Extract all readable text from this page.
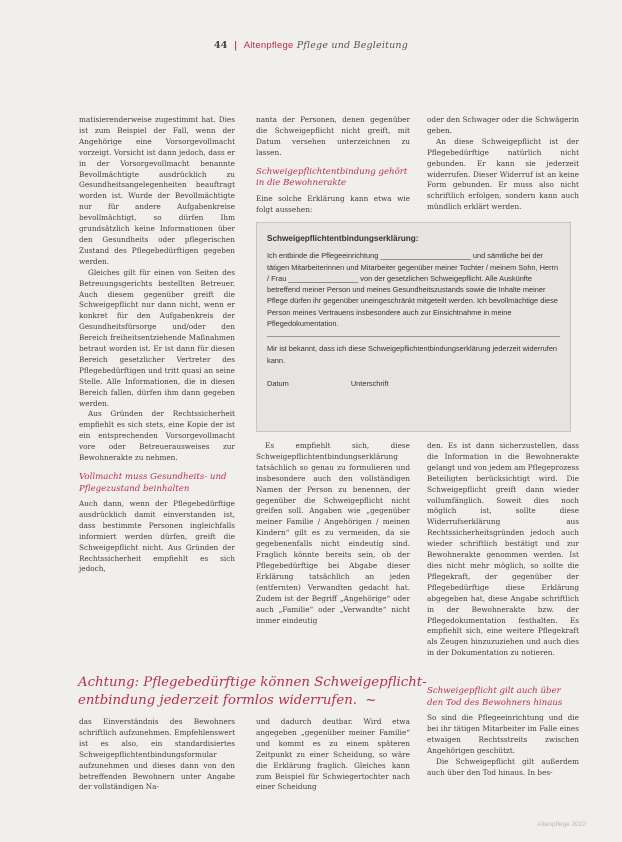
44 | Altenpflege Pflege und Begleitung

matisierenderweise zugestimmt hat. Dies ist zum Beispiel der Fall, wenn der Angehörige eine Vorsorgevollmacht vorzeigt. Vorsicht ist dann jedoch, dass er in der Vorsorgevollmacht benannte Bevollmächtigte ausdrücklich zu Gesundheitsangelegenheiten beauftragt worden ist. Wurde der Bevollmächtigte nur für andere Aufgabenkreise bevollmächtigt, so dürfen Ihm grundsätzlich keine Informationen über den Gesundheits oder pflegerischen Zustand des Pflegebedürftigen gegeben werden.

Gleiches gilt für einen von Seiten des Betreuungsgerichts bestellten Betreuer. Auch diesem gegenüber greift die Schweigepflicht nur dann nicht, wenn er konkret für den Aufgabenkreis der Gesundheitsfürsorge und/oder den Bereich freiheitsentziehende Maßnahmen betraut worden ist. Er ist dann für diesen Bereich gesetzlicher Vertreter des Pflegebedürftigen und tritt quasi an seine Stelle. Alle Informationen, die in diesen Bereich fallen, dürfen ihm dann gegeben werden.

Aus Gründen der Rechtssicherheit empfiehlt es sich stets, eine Kopie der ist ein entsprechenden Vorsorgevollmacht vore oder Betreuerausweises zur Bewohnerakte zu nehmen.

Vollmacht muss Gesundheits- und Pflegezustand beinhalten

Auch dann, wenn der Pflegebedürftige ausdrücklich damit einverstanden ist, dass bestimmte Personen ingleichfalls informiert werden dürfen, greift die Schweigepflicht nicht. Aus Gründen der Rechtssicherheit empfiehlt es sich jedoch,

nanta der Personen, denen gegenüber die Schweigepflicht nicht greift, mit Datum versehen unterzeichnen zu lassen.

Schweigepflichtentbindung gehört in die Bewohnerakte

Eine solche Erklärung kann etwa wie folgt aussehen:

oder den Schwager oder die Schwägerin geben.

An diese Schweigepflicht ist der Pflegebedürftige natürlich nicht gebunden. Er kann sie jederzeit widerrufen. Dieser Widerruf ist an keine Form gebunden. Er muss also nicht schriftlich erfolgen, sondern kann auch mündlich erklärt werden.

Schweigepflichtentbindungserklärung:
Ich entbinde die Pflegeeinrichtung ______________________ und sämtliche bei der tätigen Mitarbeiterinnen und Mitarbeiter gegenüber meiner Tochter / meinem Sohn, Herrn / Frau _________________ von der gesetzlichen Schweigepflicht. Alle Auskünfte betreffend meiner Person und meines Gesundheitszustands sowie die Inhalte meiner Pflege dürfen ihr gegenüber uneingeschränkt mitgeteilt werden. Ich bevollmächtige diese Person meines Vertrauens insbesondere auch zur Einsichtnahme in meine Pflegedokumentation.
Mir ist bekannt, dass ich diese Schweigepflichtentbindungserklärung jederzeit widerrufen kann.
Datum	Unterschrift

Es empfiehlt sich, diese Schweigepflichtentbindungserklärung tatsächlich so genau zu formulieren und insbesondere auch den vollständigen Namen der Person zu benennen, der gegenüber die Schweigepflicht nicht greifen soll. Angaben wie „gegenüber meiner Familie / Angehörigen / meinen Kindern“ gilt es zu vermeiden, da sie gegebenenfalls nicht eindeutig sind. Fraglich könnte bereits sein, ob der Pflegebedürftige bei Abgabe dieser Erklärung tatsächlich an jeden (entfernten) Verwandten gedacht hat. Zudem ist der Begriff „Angehörige“ oder auch „Familie“ oder „Verwandte“ nicht immer eindeutig

den. Es ist dann sicherzustellen, dass die Information in die Bewohnerakte gelangt und von jedem am Pflegeprozess Beteiligten berücksichtigt wird. Die Schweigepflicht greift dann wieder vollumfänglich. Soweit dies noch möglich ist, sollte diese Widerrufserklärung aus Rechtssicherheitsgründen jedoch auch wieder schriftlich bestätigt und zur Bewohnerakte genommen werden. Ist dies nicht mehr möglich, so sollte die Pflegekraft, der gegenüber der Pflegebedürftige diese Erklärung abgegeben hat, diese Angabe schriftlich in der Bewohnerakte bzw. der Pflegedokumentation festhalten. Es empfiehlt sich, eine weitere Pflegekraft als Zeugen hinzuzuziehen und auch dies in der Dokumentation zu notieren.

Achtung: Pflegebedürftige können Schweigepflicht-
entbindung jederzeit formlos widerrufen. ~

das Einverständnis des Bewohners schriftlich aufzunehmen. Empfehlenswert ist es also, ein standardisiertes Schweigepflichtentbindungsformular aufzunehmen und dieses dann von den betreffenden Bewohnern unter Angabe der vollständigen Na-

und dadurch deutbar. Wird etwa angegeben „gegenüber meiner Familie“ und kommt es zu einem späteren Zeitpunkt zu einer Scheidung, so wäre die Erklärung fraglich. Gleiches kann zum Beispiel für Schwiegertochter nach einer Scheidung

Schweigepflicht gilt auch über den Tod des Bewohners hinaus

So sind die Pflegeeinrichtung und die bei ihr tätigen Mitarbeiter im Falle eines etwaigen Rechtsstreits zwischen Angehörigen geschützt.

Die Schweigepflicht gilt außerdem auch über den Tod hinaus. In bes-

Altenpflege 2022
